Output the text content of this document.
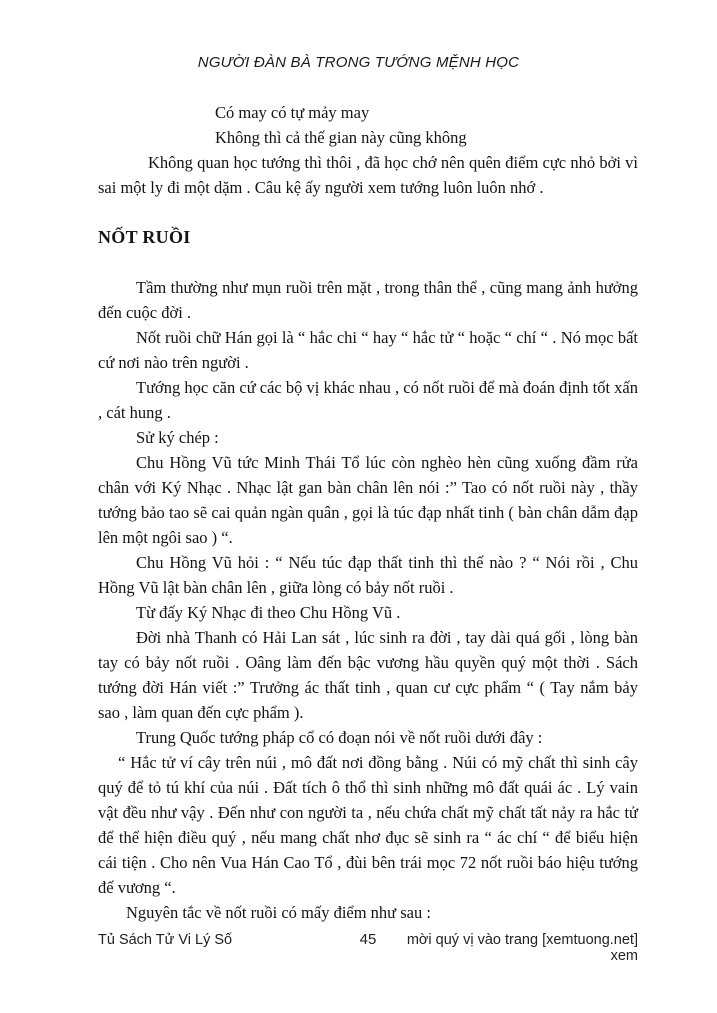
NGƯỜI ĐÀN BÀ TRONG TƯỚNG MỆNH HỌC
Có may có tự mảy may
Không thì cả thế gian này cũng không

Không quan học tướng thì thôi , đã học chớ nên quên điểm cực nhỏ bởi vì sai một ly đi một dặm . Câu kệ ấy người xem tướng luôn luôn nhớ .

NỐT RUỒI

Tầm thường như mụn ruồi trên mặt , trong thân thể , cũng mang ảnh hưởng đến cuộc đời .

Nốt ruồi chữ Hán gọi là “ hắc chi “ hay “ hắc tử “ hoặc “ chí “ . Nó mọc bất cứ nơi nào trên người .

Tướng học căn cứ các bộ vị khác nhau , có nốt ruồi để mà đoán định tốt xấn , cát hung .

Sử ký chép :

Chu Hồng Vũ tức Minh Thái Tổ lúc còn nghèo hèn cũng xuống đầm rửa chân với Ký Nhạc . Nhạc lật gan bàn chân lên nói :” Tao có nốt ruồi này , thầy tướng bảo tao sẽ cai quản ngàn quân , gọi là túc đạp nhất tinh ( bàn chân dẫm đạp lên một ngôi sao ) “.

Chu Hồng Vũ hỏi : “ Nếu túc đạp thất tinh thì thế nào ? “ Nói rồi , Chu Hồng Vũ lật bàn chân lên , giữa lòng có bảy nốt ruồi .

Từ đấy Ký Nhạc đi theo Chu Hồng Vũ .

Đời nhà Thanh có Hải Lan sát , lúc sinh ra đời , tay dài quá gối , lòng bàn tay có bảy nốt ruồi . Oâng làm đến bậc vương hầu quyền quý một thời . Sách tướng đời Hán viết :” Trưởng ác thất tinh , quan cư cực phẩm “ ( Tay nắm bảy sao , làm quan đến cực phẩm ).

Trung Quốc tướng pháp cổ có đoạn nói về nốt ruồi dưới đây :

“ Hắc tử ví cây trên núi , mô đất nơi đồng bằng . Núi có mỹ chất thì sinh cây quý để tỏ tú khí của núi . Đất tích ô thổ thì sinh những mô đất quái ác . Lý vain vật đều như vậy . Đến như con người ta , nếu chứa chất mỹ chất tất nảy ra hắc tử để thể hiện điều quý , nếu mang chất nhơ đục sẽ sinh ra “ ác chí “ để biểu hiện cái tiện . Cho nên Vua Hán Cao Tổ , đùi bên trái mọc 72 nốt ruồi báo hiệu tướng đế vương “.

Nguyên tắc về nốt ruồi có mấy điểm như sau :

Tủ Sách Tử Vi Lý Số	45	mời quý vị vào trang [xemtuong.net] xem
